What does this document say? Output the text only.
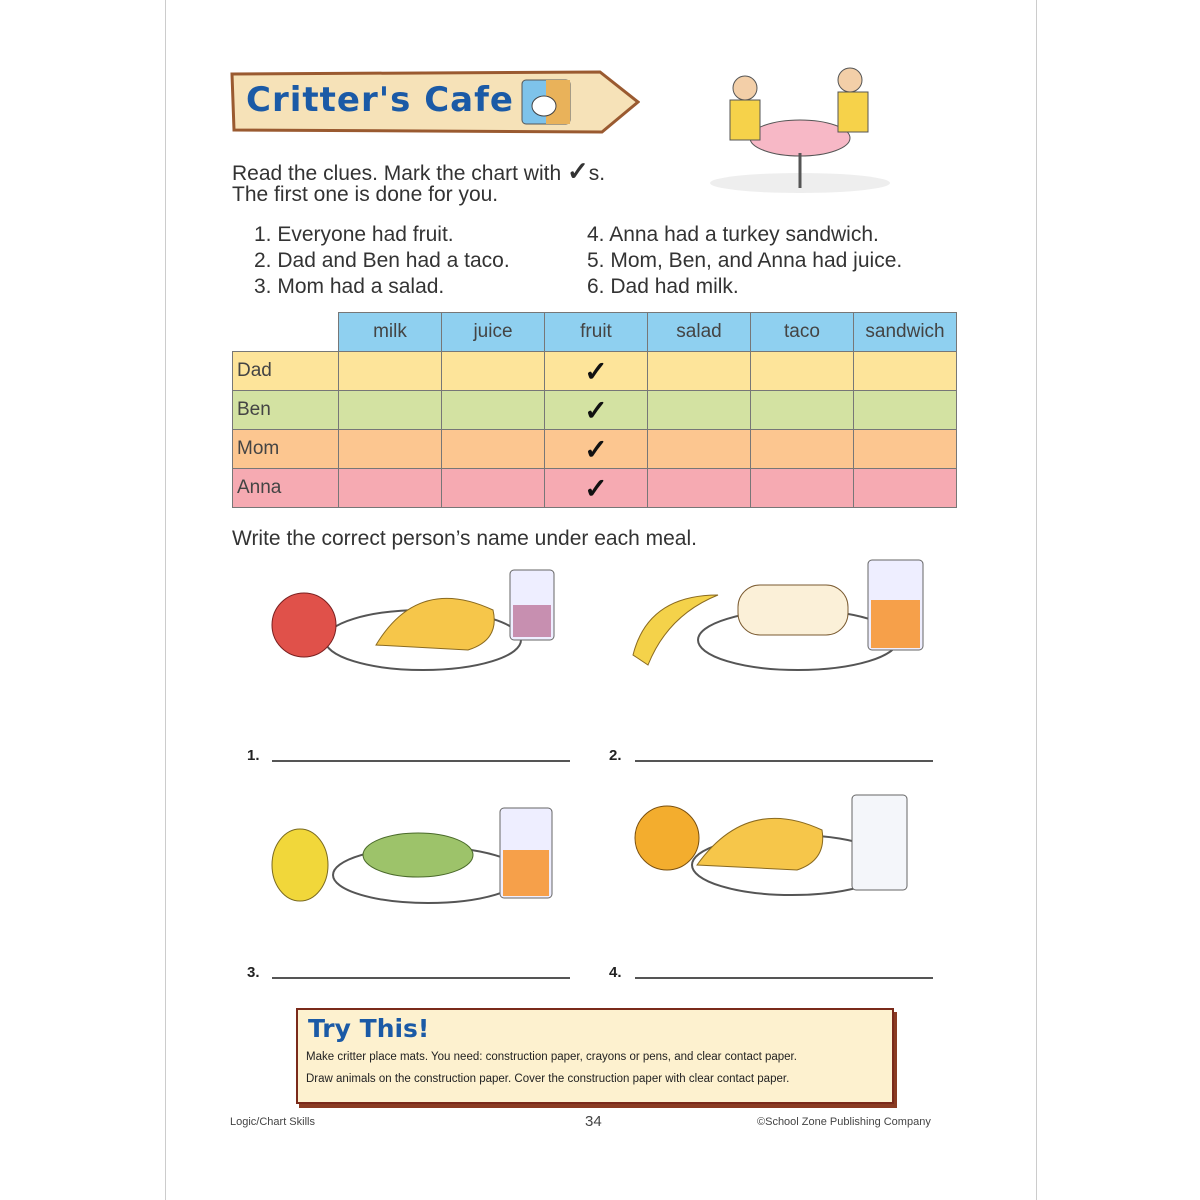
Critter's Cafe
Read the clues. Mark the chart with ✓s.
The first one is done for you.
1. Everyone had fruit.
2. Dad and Ben had a taco.
3. Mom had a salad.
4. Anna had a turkey sandwich.
5. Mom, Ben, and Anna had juice.
6. Dad had milk.
	milk	juice	fruit	salad	taco	sandwich
Dad			✓			
Ben			✓			
Mom			✓			
Anna			✓			
Write the correct person’s name under each meal.
1.	2.
3.	4.
Try This!
Make critter place mats. You need: construction paper, crayons or pens, and clear contact paper.
Draw animals on the construction paper. Cover the construction paper with clear contact paper.
Logic/Chart Skills	34	©School Zone Publishing Company
